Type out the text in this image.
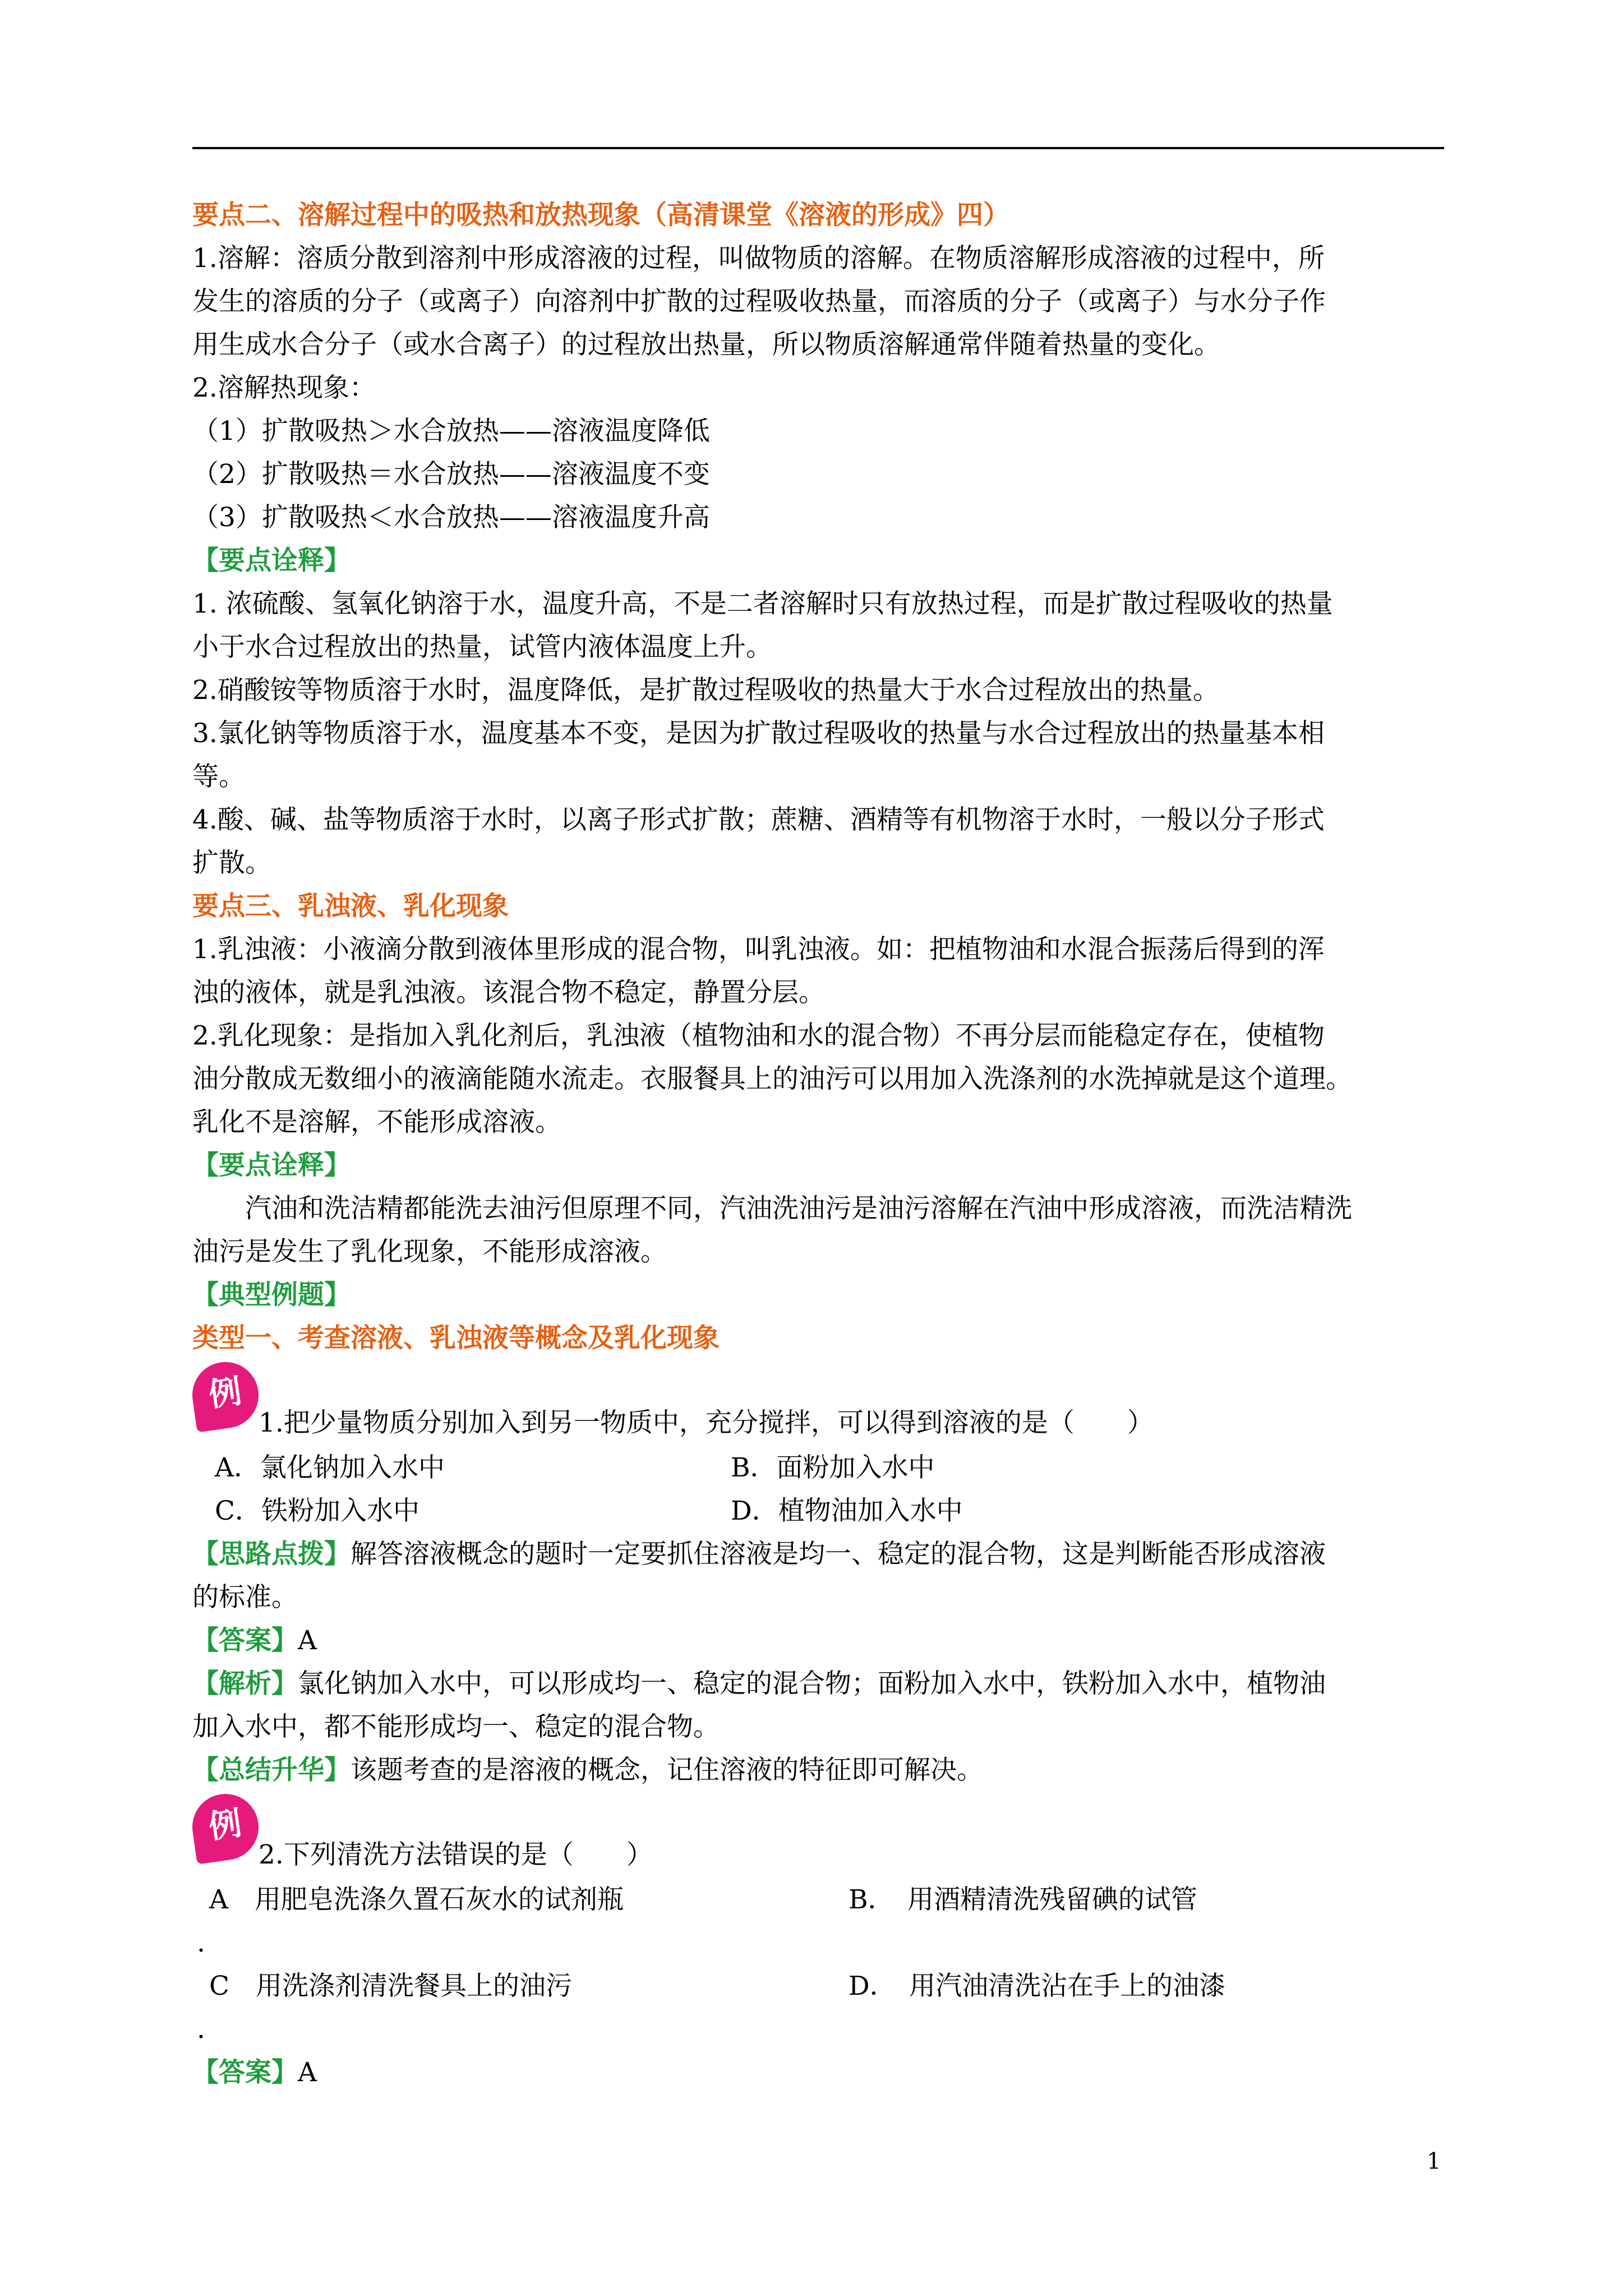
要点二、溶解过程中的吸热和放热现象（高清课堂《溶液的形成》四）
1.溶解：溶质分散到溶剂中形成溶液的过程，叫做物质的溶解。在物质溶解形成溶液的过程中，所
发生的溶质的分子（或离子）向溶剂中扩散的过程吸收热量，而溶质的分子（或离子）与水分子作
用生成水合分子（或水合离子）的过程放出热量，所以物质溶解通常伴随着热量的变化。
2.溶解热现象：
（1）扩散吸热＞水合放热——溶液温度降低
（2）扩散吸热＝水合放热——溶液温度不变
（3）扩散吸热＜水合放热——溶液温度升高
【要点诠释】
1. 浓硫酸、氢氧化钠溶于水，温度升高，不是二者溶解时只有放热过程，而是扩散过程吸收的热量
小于水合过程放出的热量，试管内液体温度上升。
2.硝酸铵等物质溶于水时，温度降低，是扩散过程吸收的热量大于水合过程放出的热量。
3.氯化钠等物质溶于水，温度基本不变，是因为扩散过程吸收的热量与水合过程放出的热量基本相
等。
4.酸、碱、盐等物质溶于水时，以离子形式扩散；蔗糖、酒精等有机物溶于水时，一般以分子形式
扩散。
要点三、乳浊液、乳化现象
1.乳浊液：小液滴分散到液体里形成的混合物，叫乳浊液。如：把植物油和水混合振荡后得到的浑
浊的液体，就是乳浊液。该混合物不稳定，静置分层。
2.乳化现象：是指加入乳化剂后，乳浊液（植物油和水的混合物）不再分层而能稳定存在，使植物
油分散成无数细小的液滴能随水流走。衣服餐具上的油污可以用加入洗涤剂的水洗掉就是这个道理。
乳化不是溶解，不能形成溶液。
【要点诠释】
汽油和洗洁精都能洗去油污但原理不同，汽油洗油污是油污溶解在汽油中形成溶液，而洗洁精洗
油污是发生了乳化现象，不能形成溶液。
【典型例题】
类型一、考查溶液、乳浊液等概念及乳化现象
例
1.把少量物质分别加入到另一物质中，充分搅拌，可以得到溶液的是（　　）
A．氯化钠加入水中	B．面粉加入水中
C．铁粉加入水中	D．植物油加入水中
【思路点拨】解答溶液概念的题时一定要抓住溶液是均一、稳定的混合物，这是判断能否形成溶液
的标准。
【答案】A
【解析】氯化钠加入水中，可以形成均一、稳定的混合物；面粉加入水中，铁粉加入水中，植物油
加入水中，都不能形成均一、稳定的混合物。
【总结升华】该题考查的是溶液的概念，记住溶液的特征即可解决。
例
2.下列清洗方法错误的是（　　）
A　用肥皂洗涤久置石灰水的试剂瓶	B．　用酒精清洗残留碘的试管
.
C　用洗涤剂清洗餐具上的油污	D．　用汽油清洗沾在手上的油漆
.
【答案】A
1
